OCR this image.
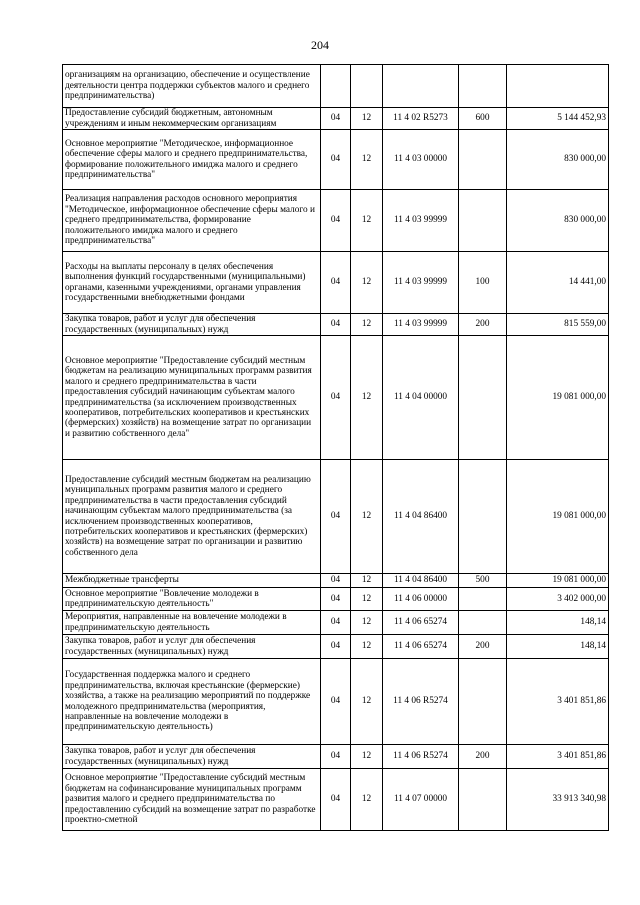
204
организациям на организацию, обеспечение и осуществление деятельности центра поддержки субъектов малого и среднего предпринимательства)					
Предоставление субсидий бюджетным, автономным учреждениям и иным некоммерческим организациям	04	12	11 4 02 R5273	600	5 144 452,93
Основное мероприятие "Методическое, информационное обеспечение сферы малого и среднего предпринимательства, формирование положительного имиджа малого и среднего предпринимательства"	04	12	11 4 03 00000		830 000,00
Реализация направления расходов основного мероприятия "Методическое, информационное обеспечение сферы малого и среднего предпринимательства, формирование положительного имиджа малого и среднего предпринимательства"	04	12	11 4 03 99999		830 000,00
Расходы на выплаты персоналу в целях обеспечения выполнения функций государственными (муниципальными) органами, казенными учреждениями, органами управления государственными внебюджетными фондами	04	12	11 4 03 99999	100	14 441,00
Закупка товаров, работ и услуг для обеспечения государственных (муниципальных) нужд	04	12	11 4 03 99999	200	815 559,00
Основное мероприятие "Предоставление субсидий местным бюджетам на реализацию муниципальных программ развития малого и среднего предпринимательства в части предоставления субсидий начинающим субъектам малого предпринимательства (за исключением производственных кооперативов, потребительских кооперативов и крестьянских (фермерских) хозяйств) на возмещение затрат по организации и развитию собственного дела"	04	12	11 4 04 00000		19 081 000,00
Предоставление субсидий местным бюджетам на реализацию муниципальных программ развития малого и среднего предпринимательства в части предоставления субсидий начинающим субъектам малого предпринимательства (за исключением производственных кооперативов, потребительских кооперативов и крестьянских (фермерских) хозяйств) на возмещение затрат по организации и развитию собственного дела	04	12	11 4 04 86400		19 081 000,00
Межбюджетные трансферты	04	12	11 4 04 86400	500	19 081 000,00
Основное мероприятие "Вовлечение молодежи в предпринимательскую деятельность"	04	12	11 4 06 00000		3 402 000,00
Мероприятия, направленные на вовлечение молодежи в предпринимательскую деятельность	04	12	11 4 06 65274		148,14
Закупка товаров, работ и услуг для обеспечения государственных (муниципальных) нужд	04	12	11 4 06 65274	200	148,14
Государственная поддержка малого и среднего предпринимательства, включая крестьянские (фермерские) хозяйства, а также на реализацию мероприятий по поддержке молодежного предпринимательства (мероприятия, направленные на вовлечение молодежи в предпринимательскую деятельность)	04	12	11 4 06 R5274		3 401 851,86
Закупка товаров, работ и услуг для обеспечения государственных (муниципальных) нужд	04	12	11 4 06 R5274	200	3 401 851,86
Основное мероприятие "Предоставление субсидий местным бюджетам на софинансирование муниципальных программ развития малого и среднего предпринимательства по предоставлению субсидий на возмещение затрат по разработке проектно-сметной	04	12	11 4 07 00000		33 913 340,98
